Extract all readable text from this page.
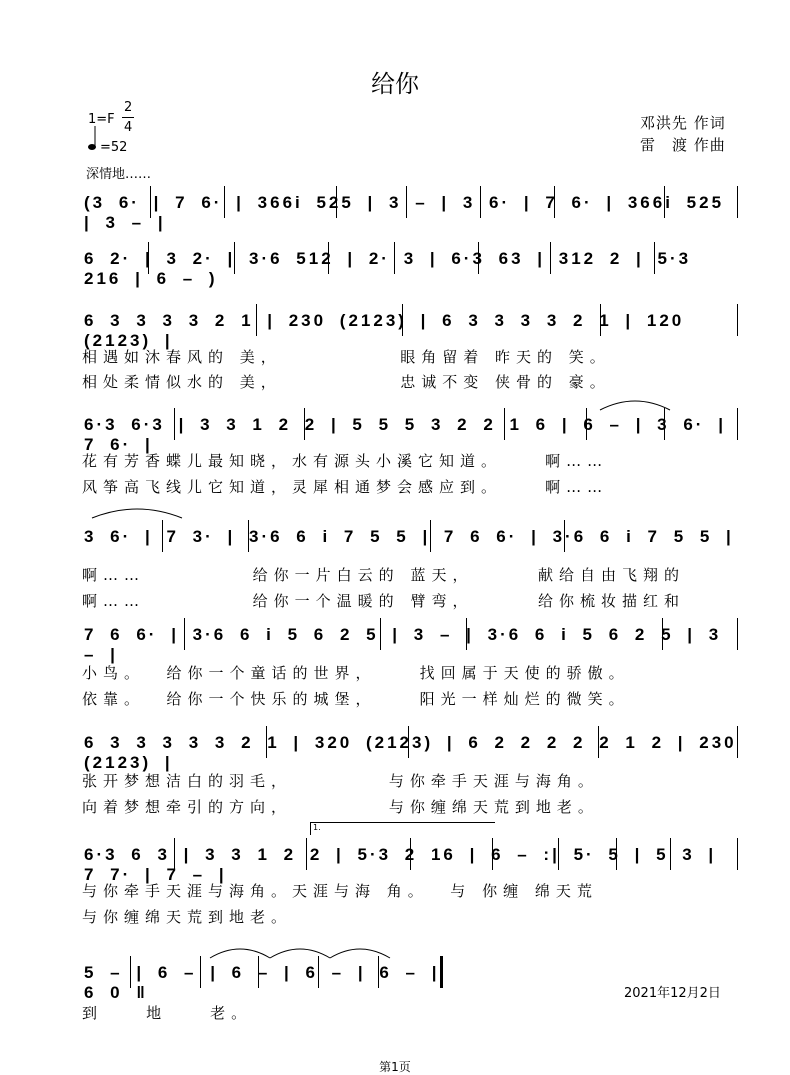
给你
1=F
2
4
=52
深情地……
邓洪先 作词
雷　渡 作曲
(3 6· | 7 6· | 366i 525 | 3 – | 3 6· | 7 6· | 366i 525 | 3 – |
6 2· | 3 2· | 3·6 512 | 2· 3 | 6·3 63 | 312 2 | 5·3 216 | 6 – )
6 3 3 3 3 2 1 | 230 (2123) | 6 3 3 3 3 2 1 | 120 (2123) |
相遇如沐春风的 美，           眼角留着 昨天的 笑。
相处柔情似水的 美，           忠诚不变 侠骨的 豪。
6·3 6·3 | 3 3 1 2 2 | 5 5 5 3 2 2 1 6 | 6 – | 3 6· | 7 6· |
花有芳香蝶儿最知晓，水有源头小溪它知道。    啊……
风筝高飞线儿它知道，灵犀相通梦会感应到。    啊……
3 6· | 7 3· | 3·6 6 i 7 5 5 | 7 6 6· | 3·6 6 i 7 5 5 |
啊……          给你一片白云的 蓝天，      献给自由飞翔的
啊……          给你一个温暖的 臂弯，      给你梳妆描红和
7 6 6· | 3·6 6 i 5 6 2 5 | 3 – | 3·6 6 i 5 6 2 5 | 3 – |
小鸟。  给你一个童话的世界，    找回属于天使的骄傲。
依靠。  给你一个快乐的城堡，    阳光一样灿烂的微笑。
6 3 3 3 3 3 2 1 | 320 (2123) | 6 2 2 2 2 2 1 2 | 230 (2123) |
张开梦想洁白的羽毛，         与你牵手天涯与海角。
向着梦想牵引的方向，         与你缠绵天荒到地老。
1.
6·3 6 3 | 3 3 1 2 2 | 5·3 2 16 | 6 – :| 5· 5 | 5 3 | 7 7· | 7 – |
与你牵手天涯与海角。天涯与海 角。  与 你缠 绵天荒
与你缠绵天荒到地老。
5 – | 6 – | 6 – | 6 – | 6 – | 6 0 ‖
到    地    老。
2021年12月2日
第1页
